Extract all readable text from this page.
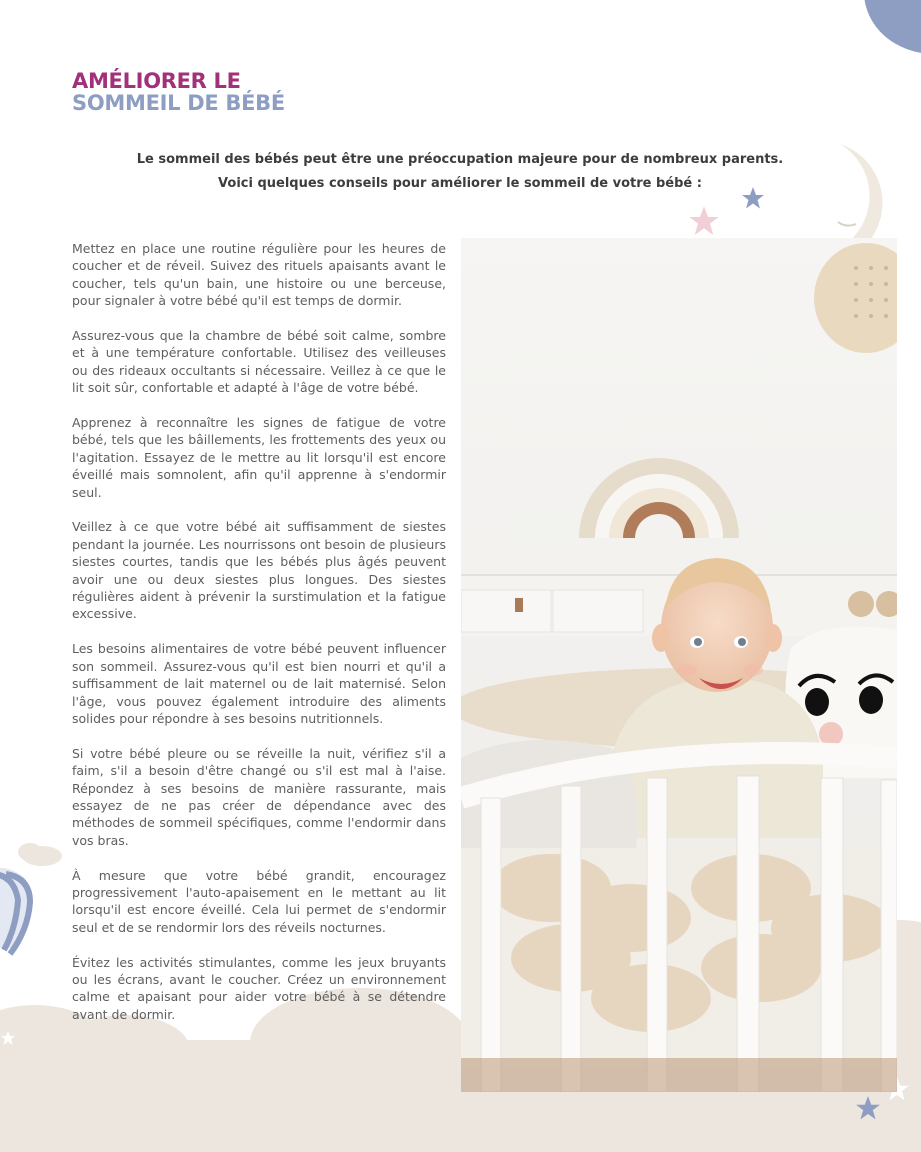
AMÉLIORER LE
SOMMEIL DE BÉBÉ
Le sommeil des bébés peut être une préoccupation majeure pour de nombreux parents.
Voici quelques conseils pour améliorer le sommeil de votre bébé :

Mettez en place une routine régulière pour les heures de coucher et de réveil. Suivez des rituels apaisants avant le coucher, tels qu'un bain, une histoire ou une berceuse, pour signaler à votre bébé qu'il est temps de dormir.

Assurez-vous que la chambre de bébé soit calme, sombre et à une température confortable. Utilisez des veilleuses ou des rideaux occultants si nécessaire. Veillez à ce que le lit soit sûr, confortable et adapté à l'âge de votre bébé.

Apprenez à reconnaître les signes de fatigue de votre bébé, tels que les bâillements, les frottements des yeux ou l'agitation. Essayez de le mettre au lit lorsqu'il est encore éveillé mais somnolent, afin qu'il apprenne à s'endormir seul.

Veillez à ce que votre bébé ait suffisamment de siestes pendant la journée. Les nourrissons ont besoin de plusieurs siestes courtes, tandis que les bébés plus âgés peuvent avoir une ou deux siestes plus longues. Des siestes régulières aident à prévenir la surstimulation et la fatigue excessive.

Les besoins alimentaires de votre bébé peuvent influencer son sommeil. Assurez-vous qu'il est bien nourri et qu'il a suffisamment de lait maternel ou de lait maternisé. Selon l'âge, vous pouvez également introduire des aliments solides pour répondre à ses besoins nutritionnels.

Si votre bébé pleure ou se réveille la nuit, vérifiez s'il a faim, s'il a besoin d'être changé ou s'il est mal à l'aise. Répondez à ses besoins de manière rassurante, mais essayez de ne pas créer de dépendance avec des méthodes de sommeil spécifiques, comme l'endormir dans vos bras.

À mesure que votre bébé grandit, encouragez progressivement l'auto-apaisement en le mettant au lit lorsqu'il est encore éveillé. Cela lui permet de s'endormir seul et de se rendormir lors des réveils nocturnes.

Évitez les activités stimulantes, comme les jeux bruyants ou les écrans, avant le coucher. Créez un environnement calme et apaisant pour aider votre bébé à se détendre avant de dormir.
